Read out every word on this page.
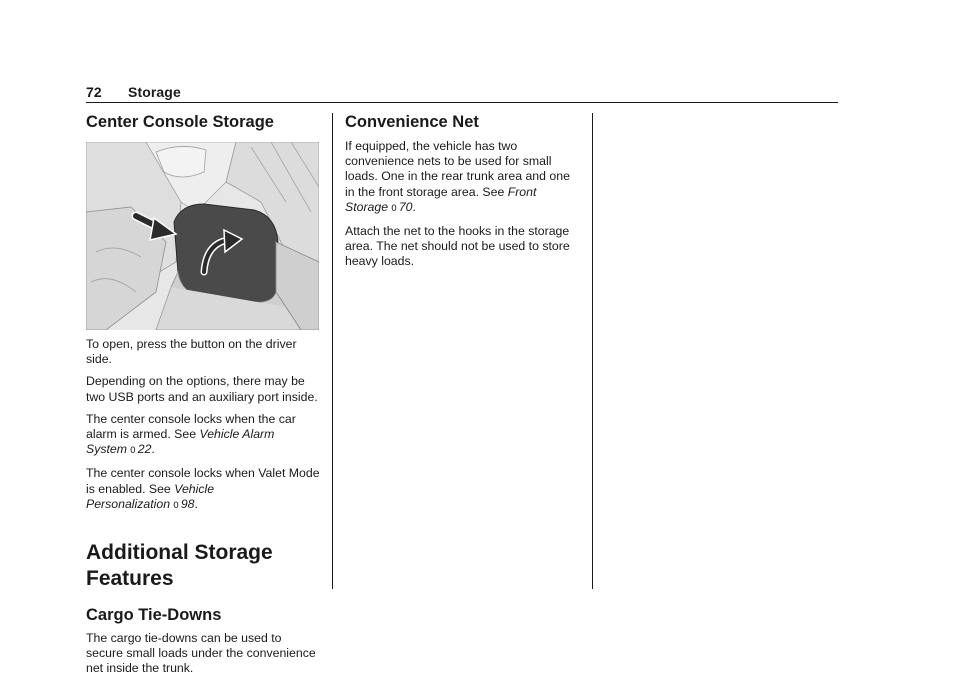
72 Storage
Center Console Storage

To open, press the button on the driver side.

Depending on the options, there may be two USB ports and an auxiliary port inside.

The center console locks when the car alarm is armed. See Vehicle Alarm System 0 22.

The center console locks when Valet Mode is enabled. See Vehicle Personalization 0 98.

Additional Storage Features
Cargo Tie-Downs

The cargo tie-downs can be used to secure small loads under the convenience net inside the trunk.

Convenience Net

If equipped, the vehicle has two convenience nets to be used for small loads. One in the rear trunk area and one in the front storage area. See Front Storage 0 70.

Attach the net to the hooks in the storage area. The net should not be used to store heavy loads.
